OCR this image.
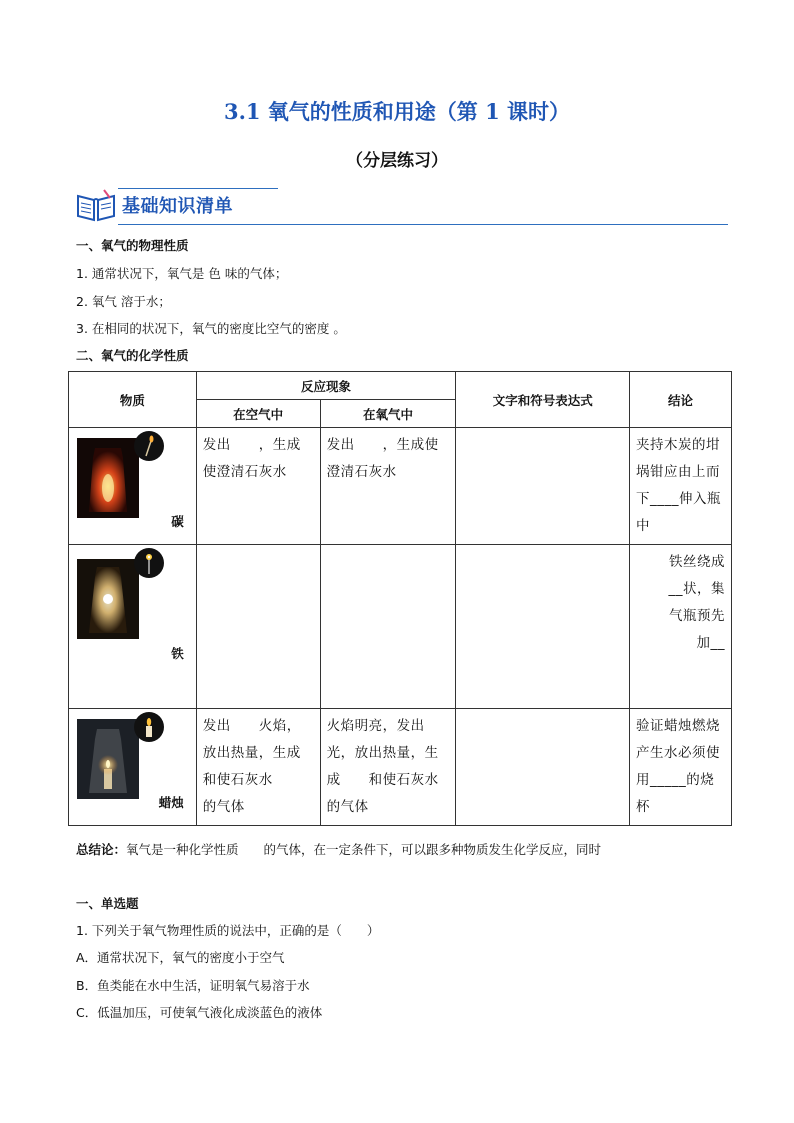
3.1 氧气的性质和用途（第 1 课时）
（分层练习）
基础知识清单
一、氧气的物理性质
1. 通常状况下，氧气是 色 味的气体；
2. 氧气 溶于水；
3. 在相同的状况下，氧气的密度比空气的密度 。
二、氧气的化学性质
物质	反应现象		文字和符号表达式	结论
	在空气中	在氧气中		

碳	发出　　，生成使澄清石灰水	发出　　，生成使澄清石灰水		夹持木炭的坩埚钳应由上而下____伸入瓶中

铁				铁丝绕成__状，集气瓶预先加__

蜡烛	发出　　火焰，放出热量，生成　　和使石灰水　　的气体	火焰明亮，发出　　光，放出热量，生成　　和使石灰水　　的气体		验证蜡烛燃烧产生水必须使用_____的烧杯
总结论：氧气是一种化学性质　　的气体，在一定条件下，可以跟多种物质发生化学反应，同时
一、单选题
1. 下列关于氧气物理性质的说法中，正确的是（　　）
A．通常状况下，氧气的密度小于空气
B．鱼类能在水中生活，证明氧气易溶于水
C．低温加压，可使氧气液化成淡蓝色的液体
